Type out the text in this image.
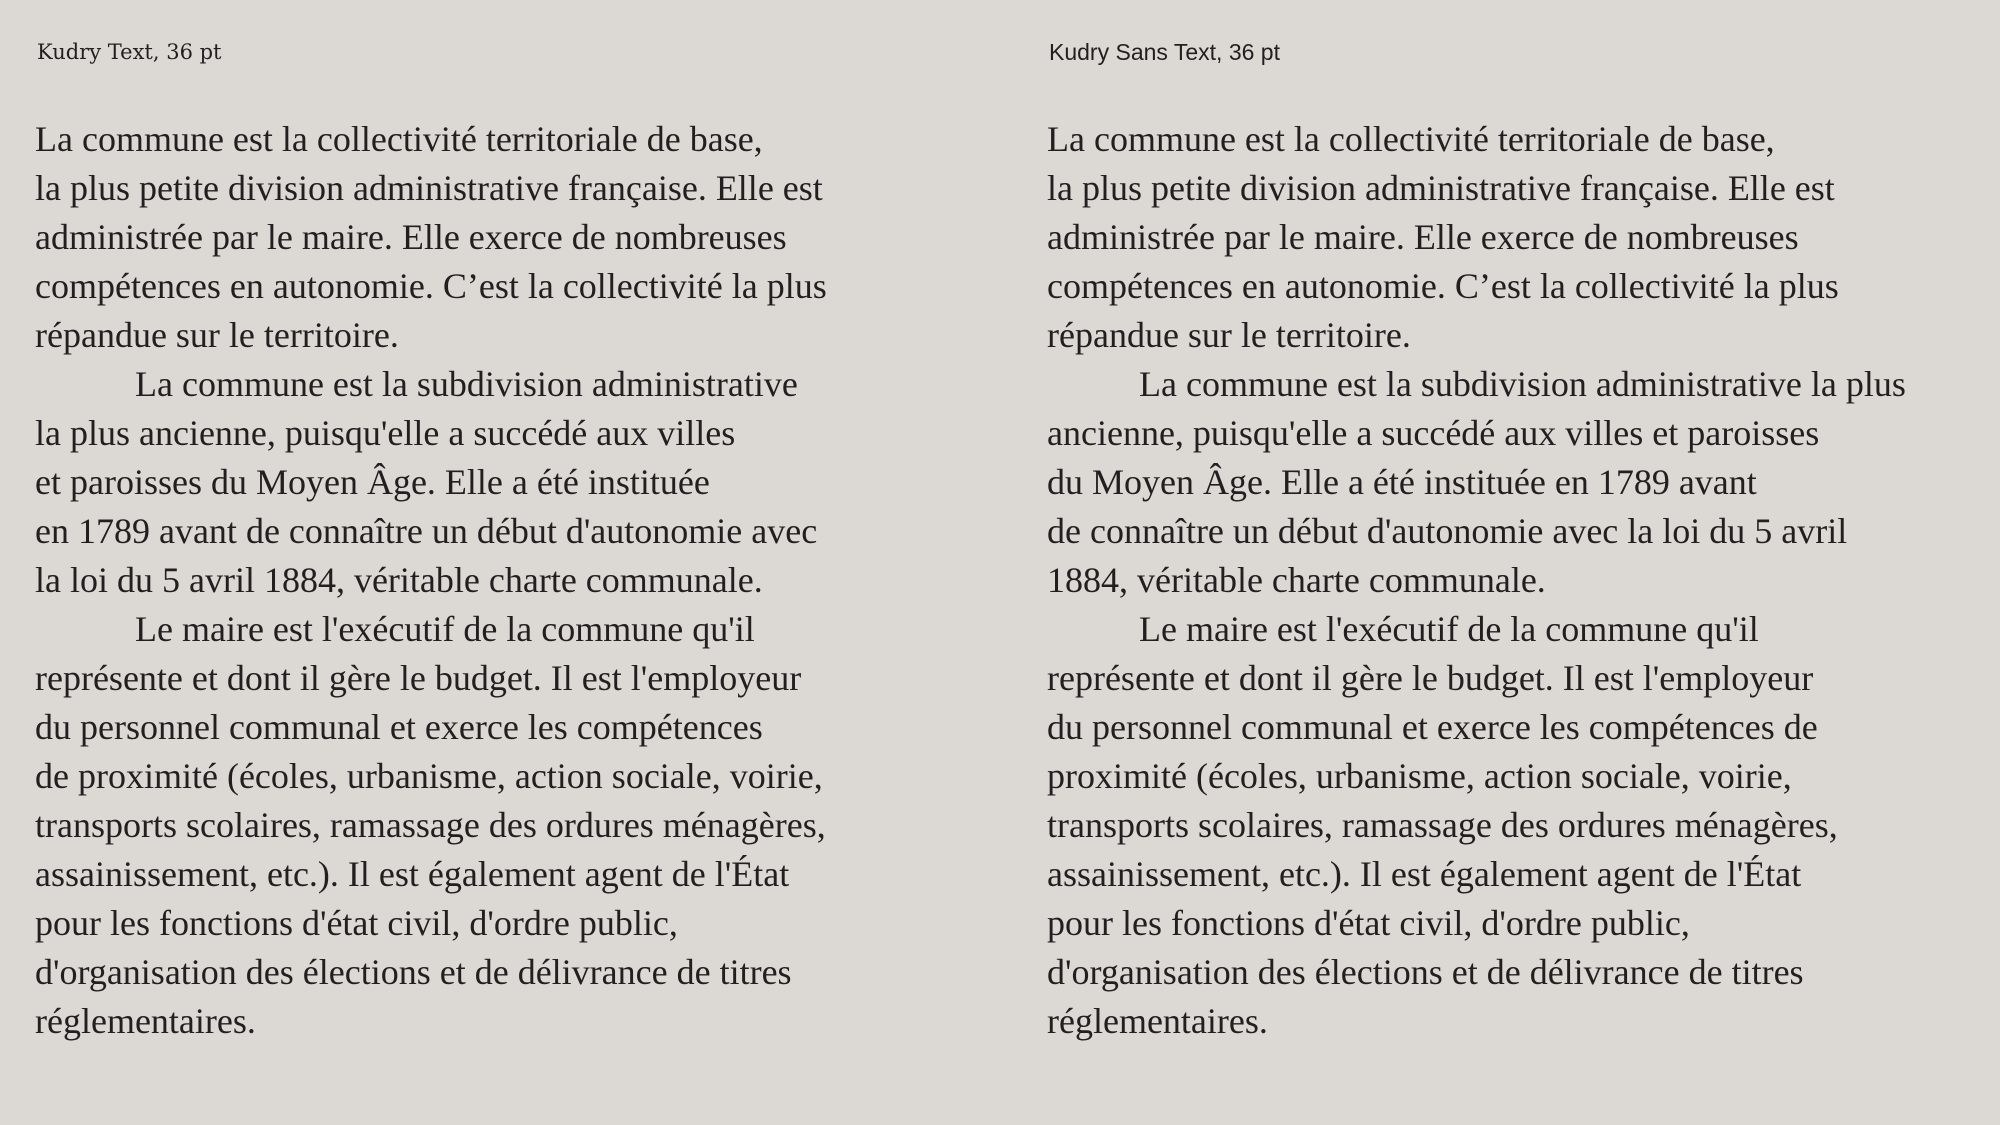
Kudry Text, 36 pt
La commune est la collectivité territoriale de base,
la plus petite division administrative française. Elle est
administrée par le maire. Elle exerce de nombreuses
compétences en autonomie. C’est la collectivité la plus
répandue sur le territoire.
La commune est la subdivision administrative
la plus ancienne, puisqu'elle a succédé aux villes
et paroisses du Moyen Âge. Elle a été instituée
en 1789 avant de connaître un début d'autonomie avec
la loi du 5 avril 1884, véritable charte communale.
Le maire est l'exécutif de la commune qu'il
représente et dont il gère le budget. Il est l'employeur
du personnel communal et exerce les compétences
de proximité (écoles, urbanisme, action sociale, voirie,
transports scolaires, ramassage des ordures ménagères,
assainissement, etc.). Il est également agent de l'État
pour les fonctions d'état civil, d'ordre public,
d'organisation des élections et de délivrance de titres
réglementaires.
Kudry Sans Text, 36 pt
La commune est la collectivité territoriale de base,
la plus petite division administrative française. Elle est
administrée par le maire. Elle exerce de nombreuses
compétences en autonomie. C’est la collectivité la plus
répandue sur le territoire.
La commune est la subdivision administrative la plus
ancienne, puisqu'elle a succédé aux villes et paroisses
du Moyen Âge. Elle a été instituée en 1789 avant
de connaître un début d'autonomie avec la loi du 5 avril
1884, véritable charte communale.
Le maire est l'exécutif de la commune qu'il
représente et dont il gère le budget. Il est l'employeur
du personnel communal et exerce les compétences de
proximité (écoles, urbanisme, action sociale, voirie,
transports scolaires, ramassage des ordures ménagères,
assainissement, etc.). Il est également agent de l'État
pour les fonctions d'état civil, d'ordre public,
d'organisation des élections et de délivrance de titres
réglementaires.
